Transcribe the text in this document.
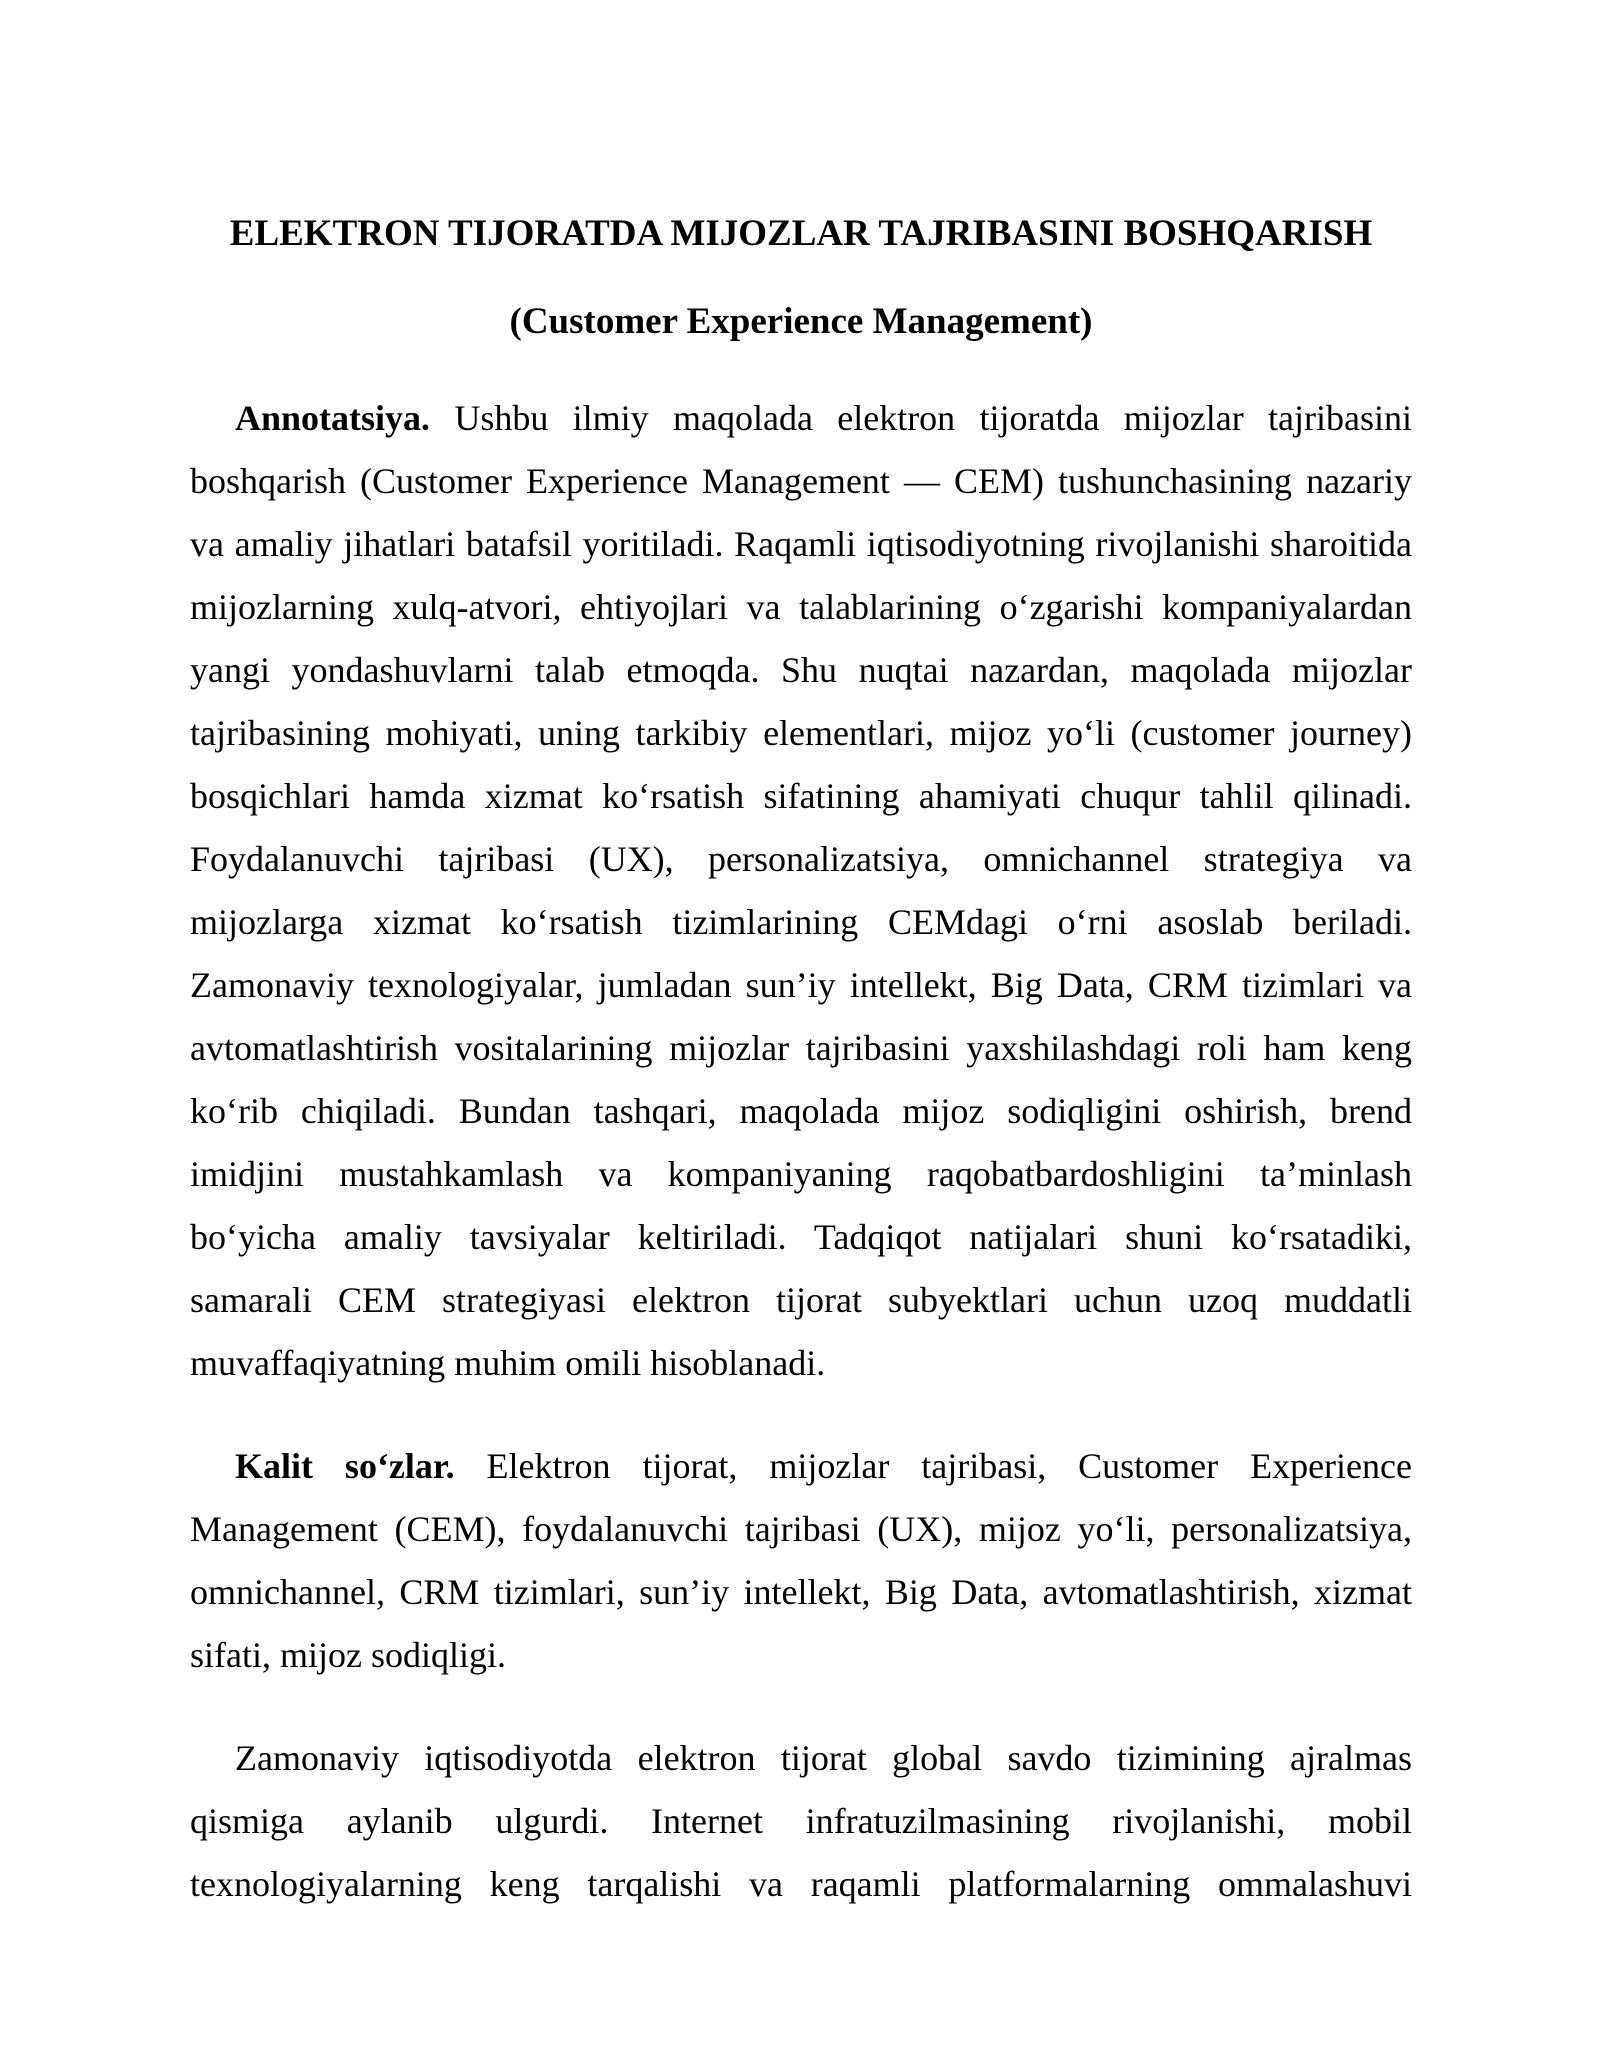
ELEKTRON TIJORATDA MIJOZLAR TAJRIBASINI BOSHQARISH
(Customer Experience Management)
Annotatsiya. Ushbu ilmiy maqolada elektron tijoratda mijozlar tajribasini
boshqarish (Customer Experience Management — CEM) tushunchasining nazariy
va amaliy jihatlari batafsil yoritiladi. Raqamli iqtisodiyotning rivojlanishi sharoitida
mijozlarning xulq-atvori, ehtiyojlari va talablarining oʻzgarishi kompaniyalardan
yangi yondashuvlarni talab etmoqda. Shu nuqtai nazardan, maqolada mijozlar
tajribasining mohiyati, uning tarkibiy elementlari, mijoz yoʻli (customer journey)
bosqichlari hamda xizmat koʻrsatish sifatining ahamiyati chuqur tahlil qilinadi.
Foydalanuvchi tajribasi (UX), personalizatsiya, omnichannel strategiya va
mijozlarga xizmat koʻrsatish tizimlarining CEMdagi oʻrni asoslab beriladi.
Zamonaviy texnologiyalar, jumladan sun’iy intellekt, Big Data, CRM tizimlari va
avtomatlashtirish vositalarining mijozlar tajribasini yaxshilashdagi roli ham keng
koʻrib chiqiladi. Bundan tashqari, maqolada mijoz sodiqligini oshirish, brend
imidjini mustahkamlash va kompaniyaning raqobatbardoshligini ta’minlash
boʻyicha amaliy tavsiyalar keltiriladi. Tadqiqot natijalari shuni koʻrsatadiki,
samarali CEM strategiyasi elektron tijorat subyektlari uchun uzoq muddatli
muvaffaqiyatning muhim omili hisoblanadi.
Kalit soʻzlar. Elektron tijorat, mijozlar tajribasi, Customer Experience
Management (CEM), foydalanuvchi tajribasi (UX), mijoz yoʻli, personalizatsiya,
omnichannel, CRM tizimlari, sun’iy intellekt, Big Data, avtomatlashtirish, xizmat
sifati, mijoz sodiqligi.
Zamonaviy iqtisodiyotda elektron tijorat global savdo tizimining ajralmas
qismiga aylanib ulgurdi. Internet infratuzilmasining rivojlanishi, mobil
texnologiyalarning keng tarqalishi va raqamli platformalarning ommalashuvi
